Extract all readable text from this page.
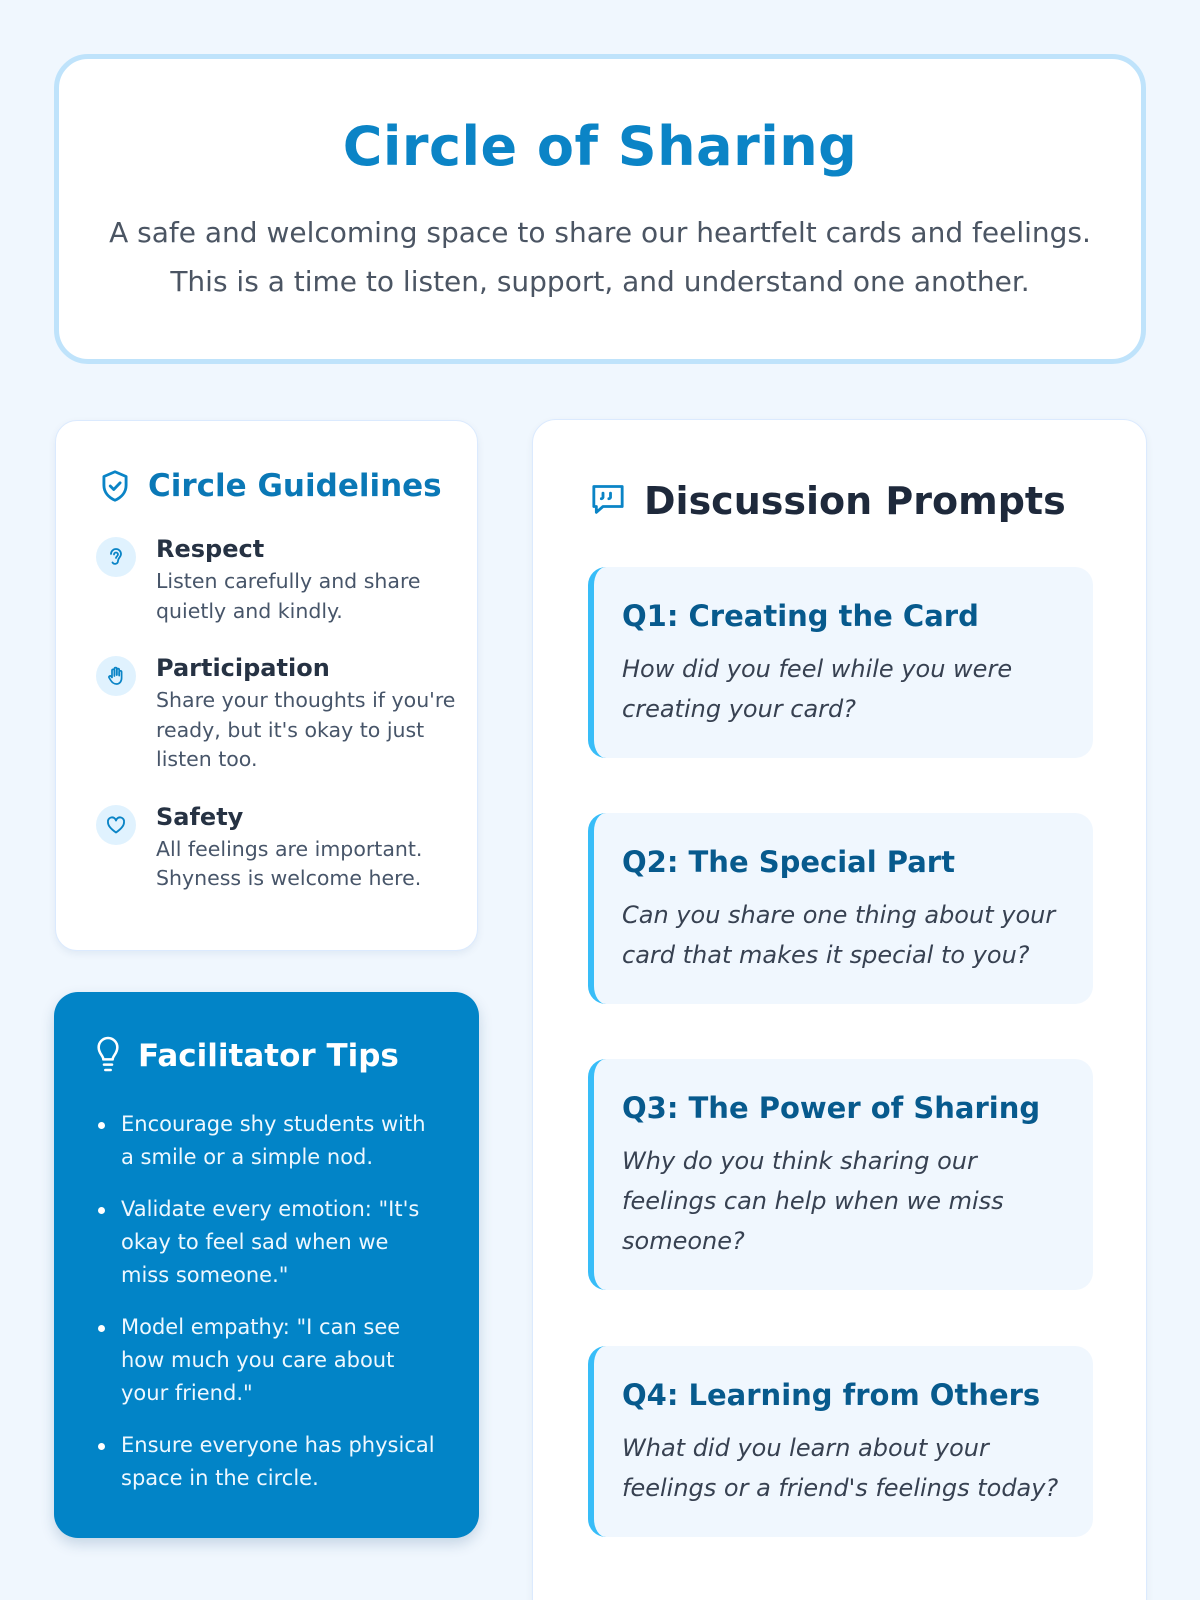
Circle of Sharing

A safe and welcoming space to share our heartfelt cards and feelings.
This is a time to listen, support, and understand one another.

Circle Guidelines
Respect
Listen carefully and share quietly and kindly.
Participation
Share your thoughts if you're ready, but it's okay to just listen too.
Safety
All feelings are important. Shyness is welcome here.
Facilitator Tips
Encourage shy students with a smile or a simple nod.
Validate every emotion: "It's okay to feel sad when we miss someone."
Model empathy: "I can see how much you care about your friend."
Ensure everyone has physical space in the circle.
Discussion Prompts
Q1: Creating the Card
How did you feel while you were creating your card?
Q2: The Special Part
Can you share one thing about your card that makes it special to you?
Q3: The Power of Sharing
Why do you think sharing our feelings can help when we miss someone?
Q4: Learning from Others
What did you learn about your feelings or a friend's feelings today?
